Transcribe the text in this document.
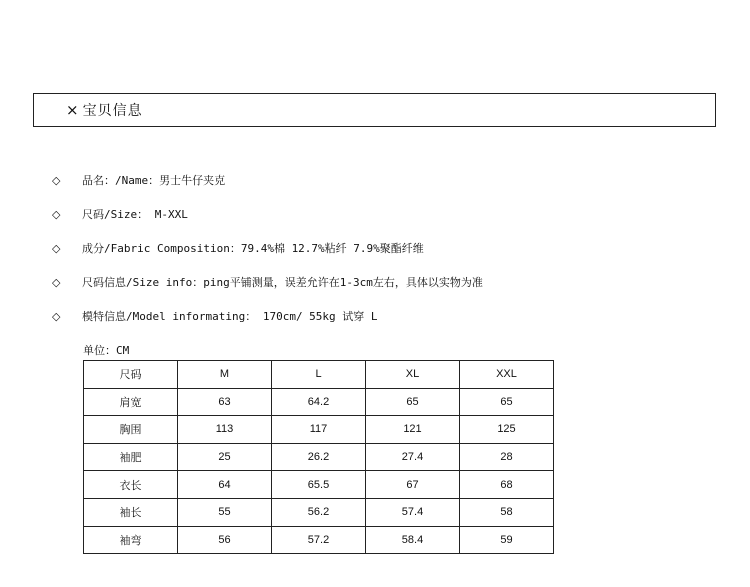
× 宝贝信息
◇ 品名：/Name：男士牛仔夹克
◇ 尺码/Size： M-XXL
◇ 成分/Fabric Composition：79.4%棉 12.7%粘纤 7.9%聚酯纤维
◇ 尺码信息/Size info：ping平铺测量，误差允许在1-3cm左右，具体以实物为准
◇ 模特信息/Model informating： 170cm/ 55kg 试穿 L
单位：CM
尺码	M	L	XL	XXL
肩宽	63	64.2	65	65
胸围	113	117	121	125
袖肥	25	26.2	27.4	28
衣长	64	65.5	67	68
袖长	55	56.2	57.4	58
袖弯	56	57.2	58.4	59
